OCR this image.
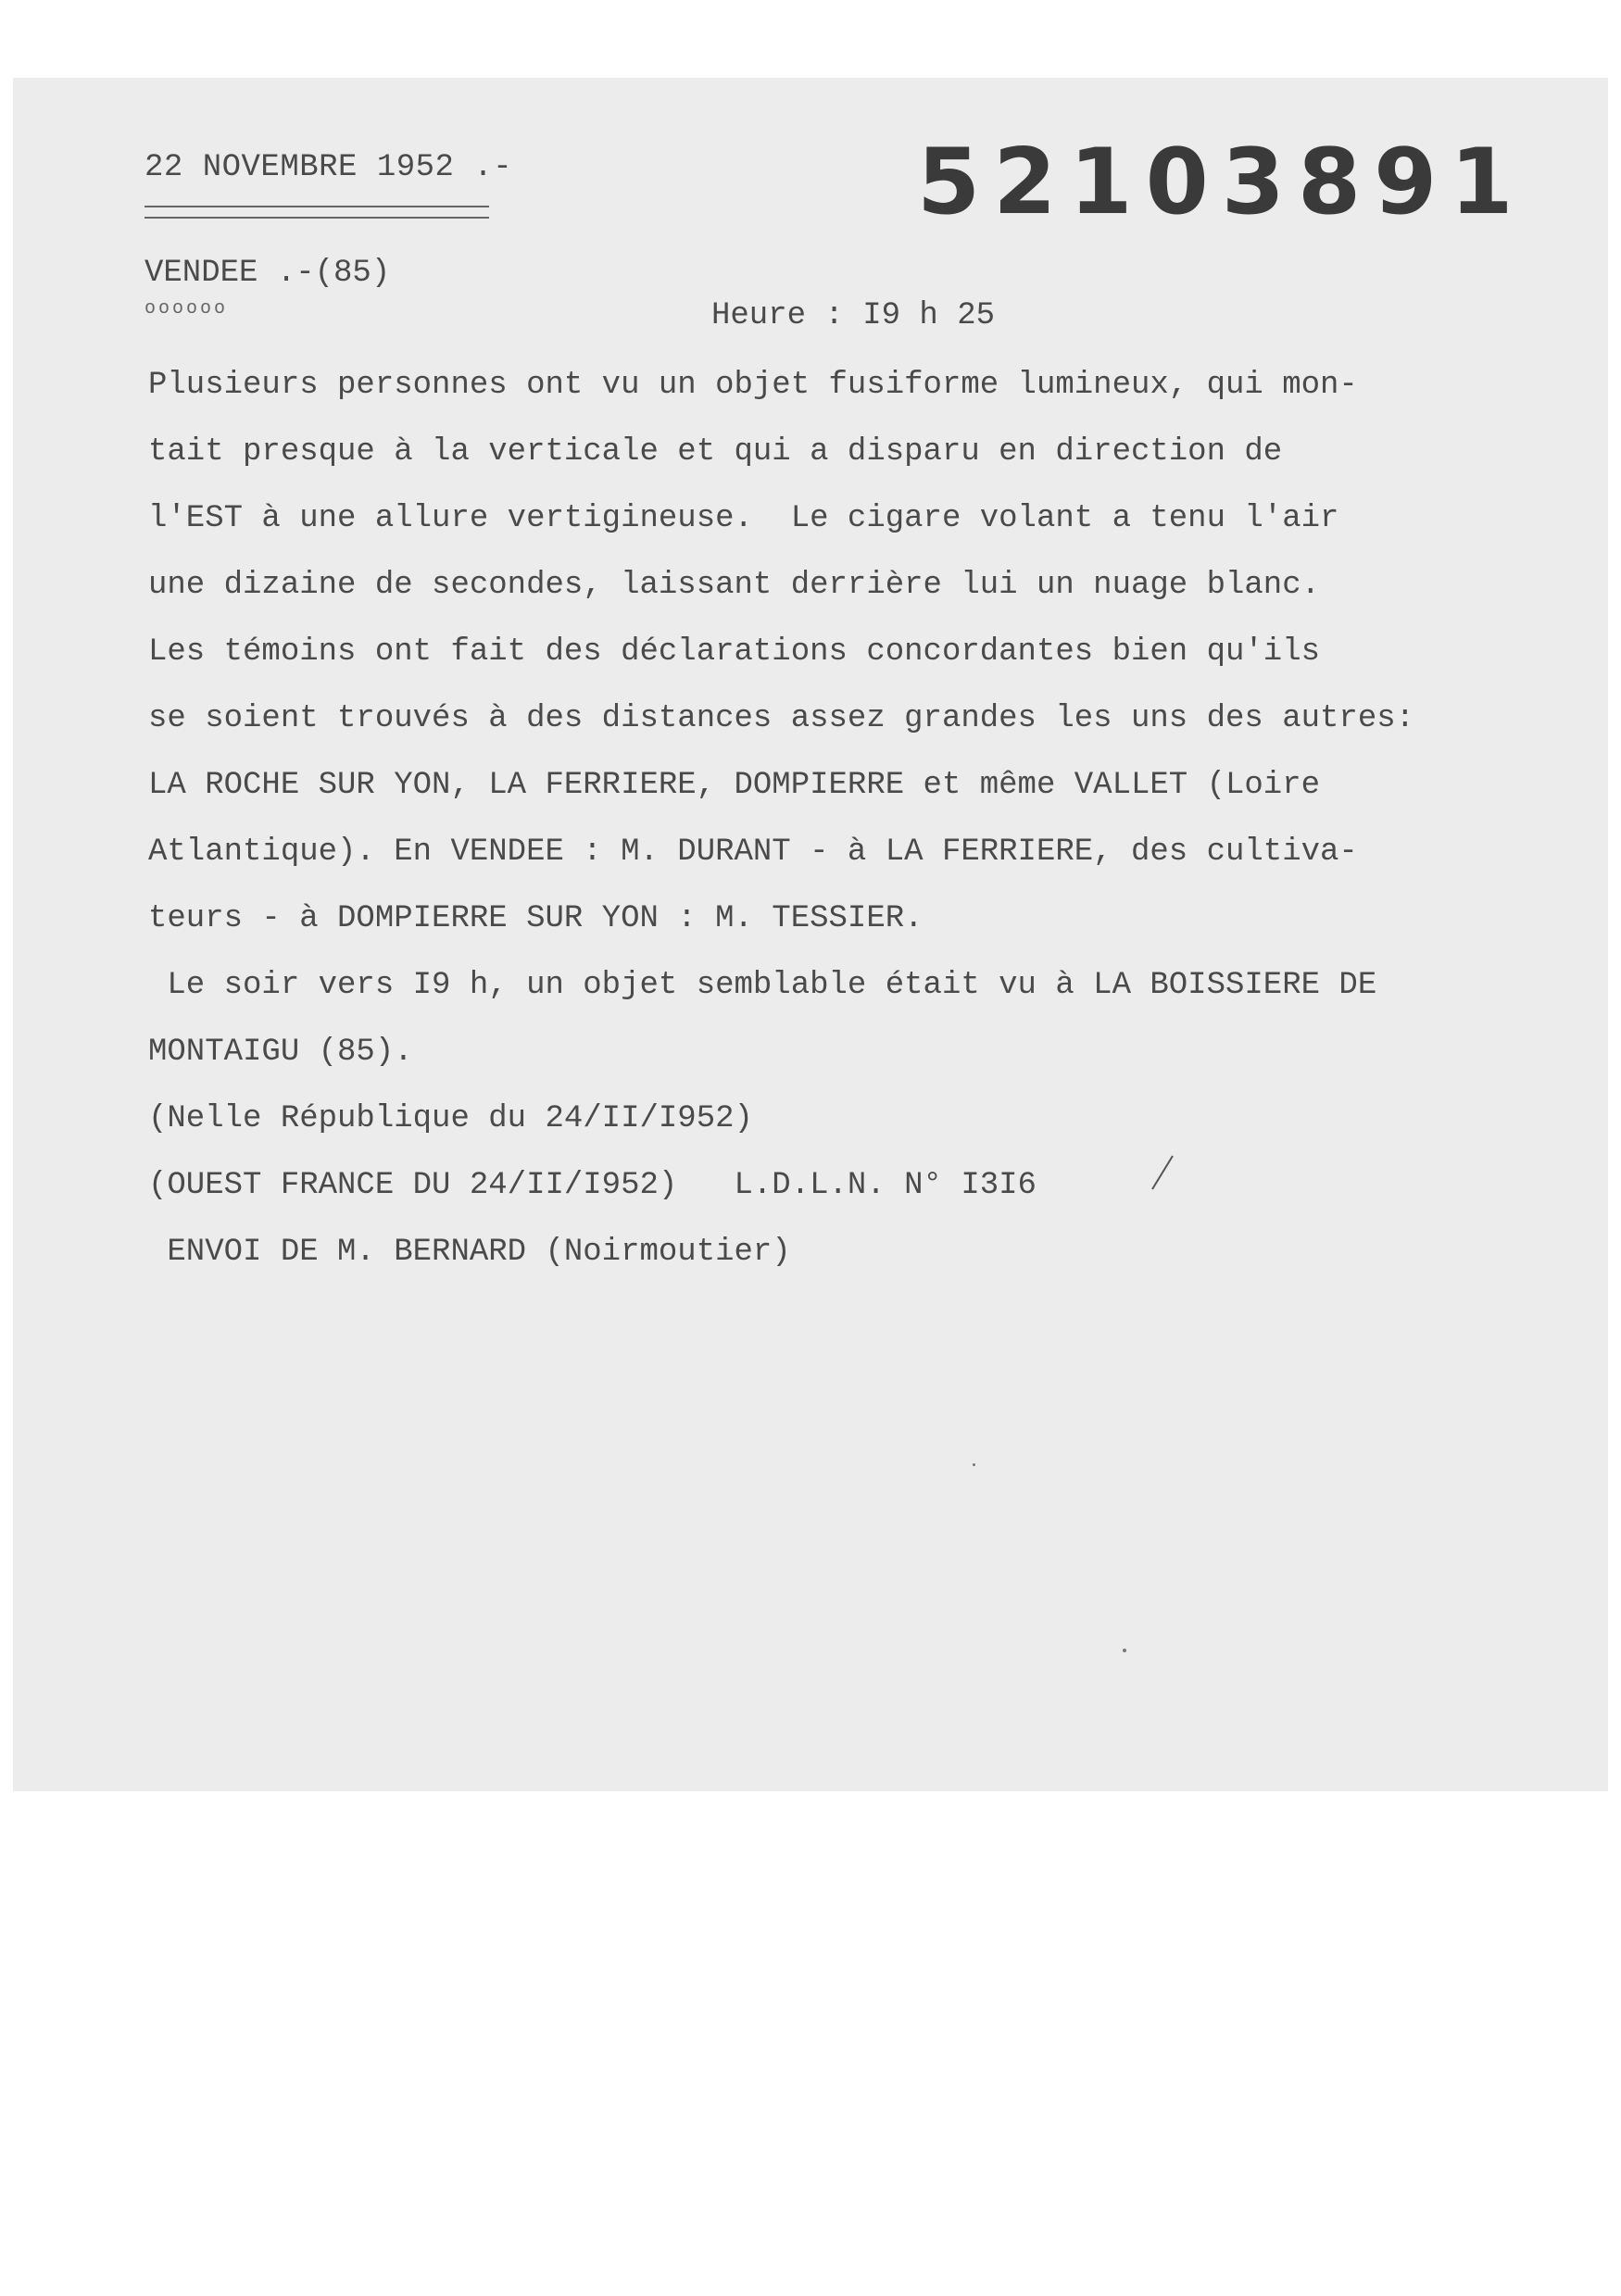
22 NOVEMBRE 1952 .-	52103891
VENDEE .-(85)
oooooo	Heure : I9 h 25
Plusieurs personnes ont vu un objet fusiforme lumineux, qui mon-
tait presque à la verticale et qui a disparu en direction de
l'EST à une allure vertigineuse.  Le cigare volant a tenu l'air
une dizaine de secondes, laissant derrière lui un nuage blanc.
Les témoins ont fait des déclarations concordantes bien qu'ils
se soient trouvés à des distances assez grandes les uns des autres:
LA ROCHE SUR YON, LA FERRIERE, DOMPIERRE et même VALLET (Loire
Atlantique). En VENDEE : M. DURANT - à LA FERRIERE, des cultiva-
teurs - à DOMPIERRE SUR YON : M. TESSIER.
Le soir vers I9 h, un objet semblable était vu à LA BOISSIERE DE
MONTAIGU (85).
(Nelle République du 24/II/I952)
(OUEST FRANCE DU 24/II/I952)   L.D.L.N. N° I3I6
ENVOI DE M. BERNARD (Noirmoutier)
